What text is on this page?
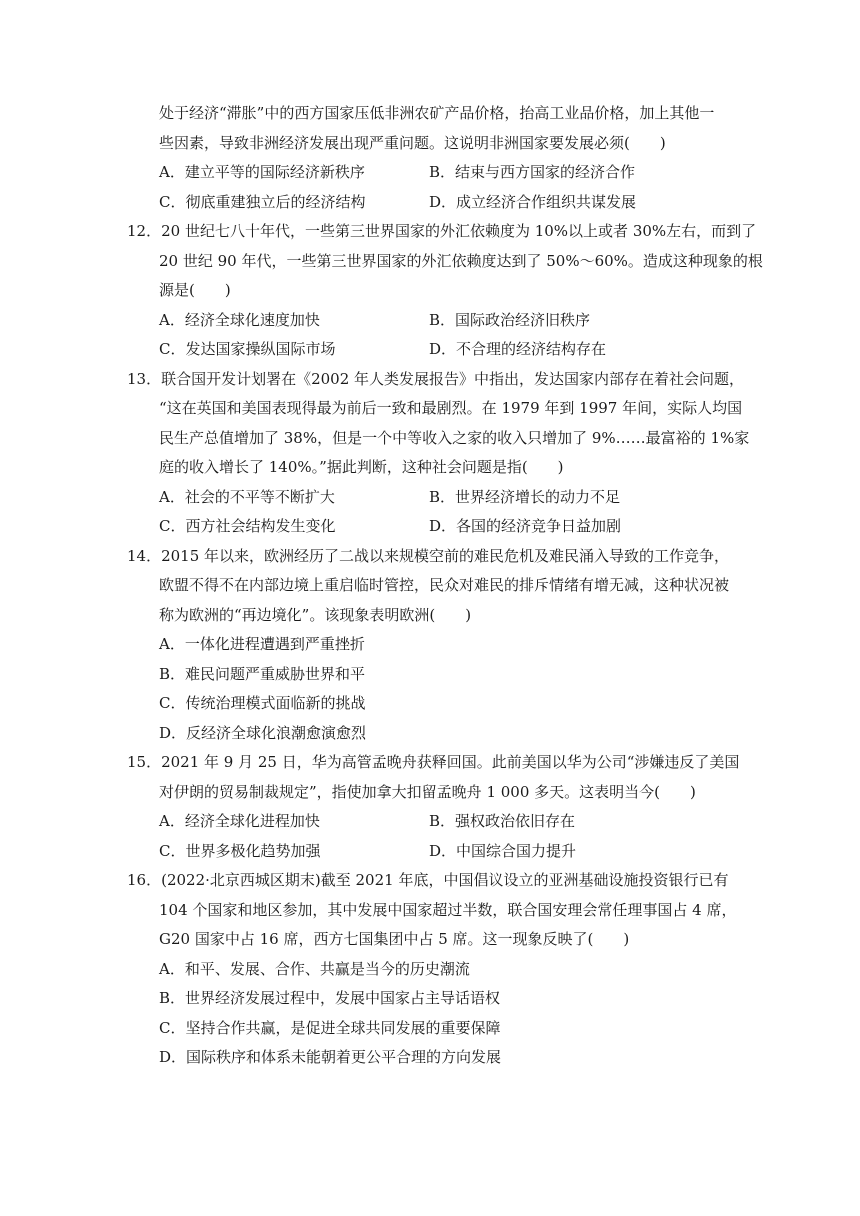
处于经济“滞胀”中的西方国家压低非洲农矿产品价格，抬高工业品价格，加上其他一
些因素，导致非洲经济发展出现严重问题。这说明非洲国家要发展必须(　　)
A．建立平等的国际经济新秩序	B．结束与西方国家的经济合作
C．彻底重建独立后的经济结构	D．成立经济合作组织共谋发展
12．20 世纪七八十年代，一些第三世界国家的外汇依赖度为 10%以上或者 30%左右，而到了
20 世纪 90 年代，一些第三世界国家的外汇依赖度达到了 50%～60%。造成这种现象的根
源是(　　)
A．经济全球化速度加快	B．国际政治经济旧秩序
C．发达国家操纵国际市场	D．不合理的经济结构存在
13．联合国开发计划署在《2002 年人类发展报告》中指出，发达国家内部存在着社会问题，
“这在英国和美国表现得最为前后一致和最剧烈。在 1979 年到 1997 年间，实际人均国
民生产总值增加了 38%，但是一个中等收入之家的收入只增加了 9%……最富裕的 1%家
庭的收入增长了 140%。”据此判断，这种社会问题是指(　　)
A．社会的不平等不断扩大	B．世界经济增长的动力不足
C．西方社会结构发生变化	D．各国的经济竞争日益加剧
14．2015 年以来，欧洲经历了二战以来规模空前的难民危机及难民涌入导致的工作竞争，
欧盟不得不在内部边境上重启临时管控，民众对难民的排斥情绪有增无减，这种状况被
称为欧洲的“再边境化”。该现象表明欧洲(　　)
A．一体化进程遭遇到严重挫折
B．难民问题严重威胁世界和平
C．传统治理模式面临新的挑战
D．反经济全球化浪潮愈演愈烈
15．2021 年 9 月 25 日，华为高管孟晚舟获释回国。此前美国以华为公司“涉嫌违反了美国
对伊朗的贸易制裁规定”，指使加拿大扣留孟晚舟 1 000 多天。这表明当今(　　)
A．经济全球化进程加快	B．强权政治依旧存在
C．世界多极化趋势加强	D．中国综合国力提升
16．(2022·北京西城区期末)截至 2021 年底，中国倡议设立的亚洲基础设施投资银行已有
104 个国家和地区参加，其中发展中国家超过半数，联合国安理会常任理事国占 4 席，
G20 国家中占 16 席，西方七国集团中占 5 席。这一现象反映了(　　)
A．和平、发展、合作、共赢是当今的历史潮流
B．世界经济发展过程中，发展中国家占主导话语权
C．坚持合作共赢，是促进全球共同发展的重要保障
D．国际秩序和体系未能朝着更公平合理的方向发展
